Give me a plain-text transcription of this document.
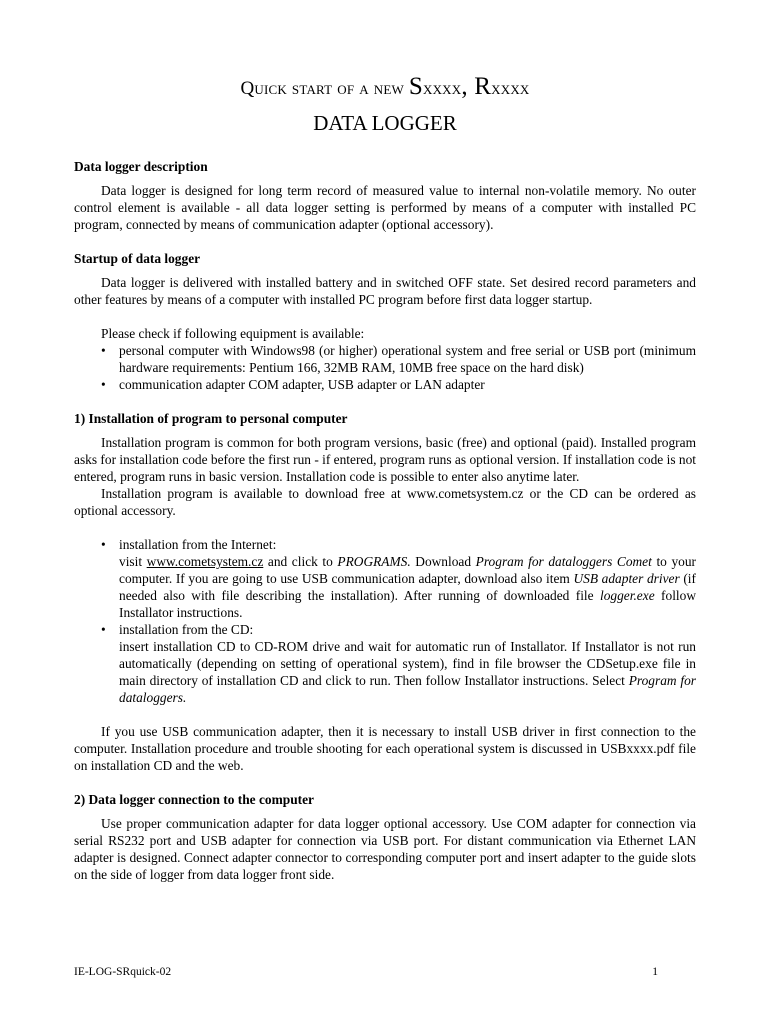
Quick start of a new Sxxxx, Rxxxx
DATA LOGGER

Data logger description

Data logger is designed for long term record of measured value to internal non-volatile memory. No outer control element is available - all data logger setting is performed by means of a computer with installed PC program, connected by means of communication adapter (optional accessory).

Startup of data logger

Data logger is delivered with installed battery and in switched OFF state. Set desired record parameters and other features by means of a computer with installed PC program before first data logger startup.

Please check if following equipment is available:

• personal computer with Windows98 (or higher) operational system and free serial or USB port (minimum hardware requirements: Pentium 166, 32MB RAM, 10MB free space on the hard disk)
• communication adapter COM adapter, USB adapter or LAN adapter

1) Installation of program to personal computer

Installation program is common for both program versions, basic (free) and optional (paid). Installed program asks for installation code before the first run - if entered, program runs as optional version. If installation code is not entered, program runs in basic version. Installation code is possible to enter also anytime later.

Installation program is available to download free at www.cometsystem.cz or the CD can be ordered as optional accessory.

• installation from the Internet:
visit www.cometsystem.cz and click to PROGRAMS. Download Program for dataloggers Comet to your computer. If you are going to use USB communication adapter, download also item USB adapter driver (if needed also with file describing the installation). After running of downloaded file logger.exe follow Installator instructions.
• installation from the CD:
insert installation CD to CD-ROM drive and wait for automatic run of Installator. If Installator is not run automatically (depending on setting of operational system), find in file browser the CDSetup.exe file in main directory of installation CD and click to run. Then follow Installator instructions. Select Program for dataloggers.

If you use USB communication adapter, then it is necessary to install USB driver in first connection to the computer. Installation procedure and trouble shooting for each operational system is discussed in USBxxxx.pdf file on installation CD and the web.

2) Data logger connection to the computer

Use proper communication adapter for data logger optional accessory. Use COM adapter for connection via serial RS232 port and USB adapter for connection via USB port. For distant communication via Ethernet LAN adapter is designed. Connect adapter connector to corresponding computer port and insert adapter to the guide slots on the side of logger from data logger front side.

IE-LOG-SRquick-02	1
